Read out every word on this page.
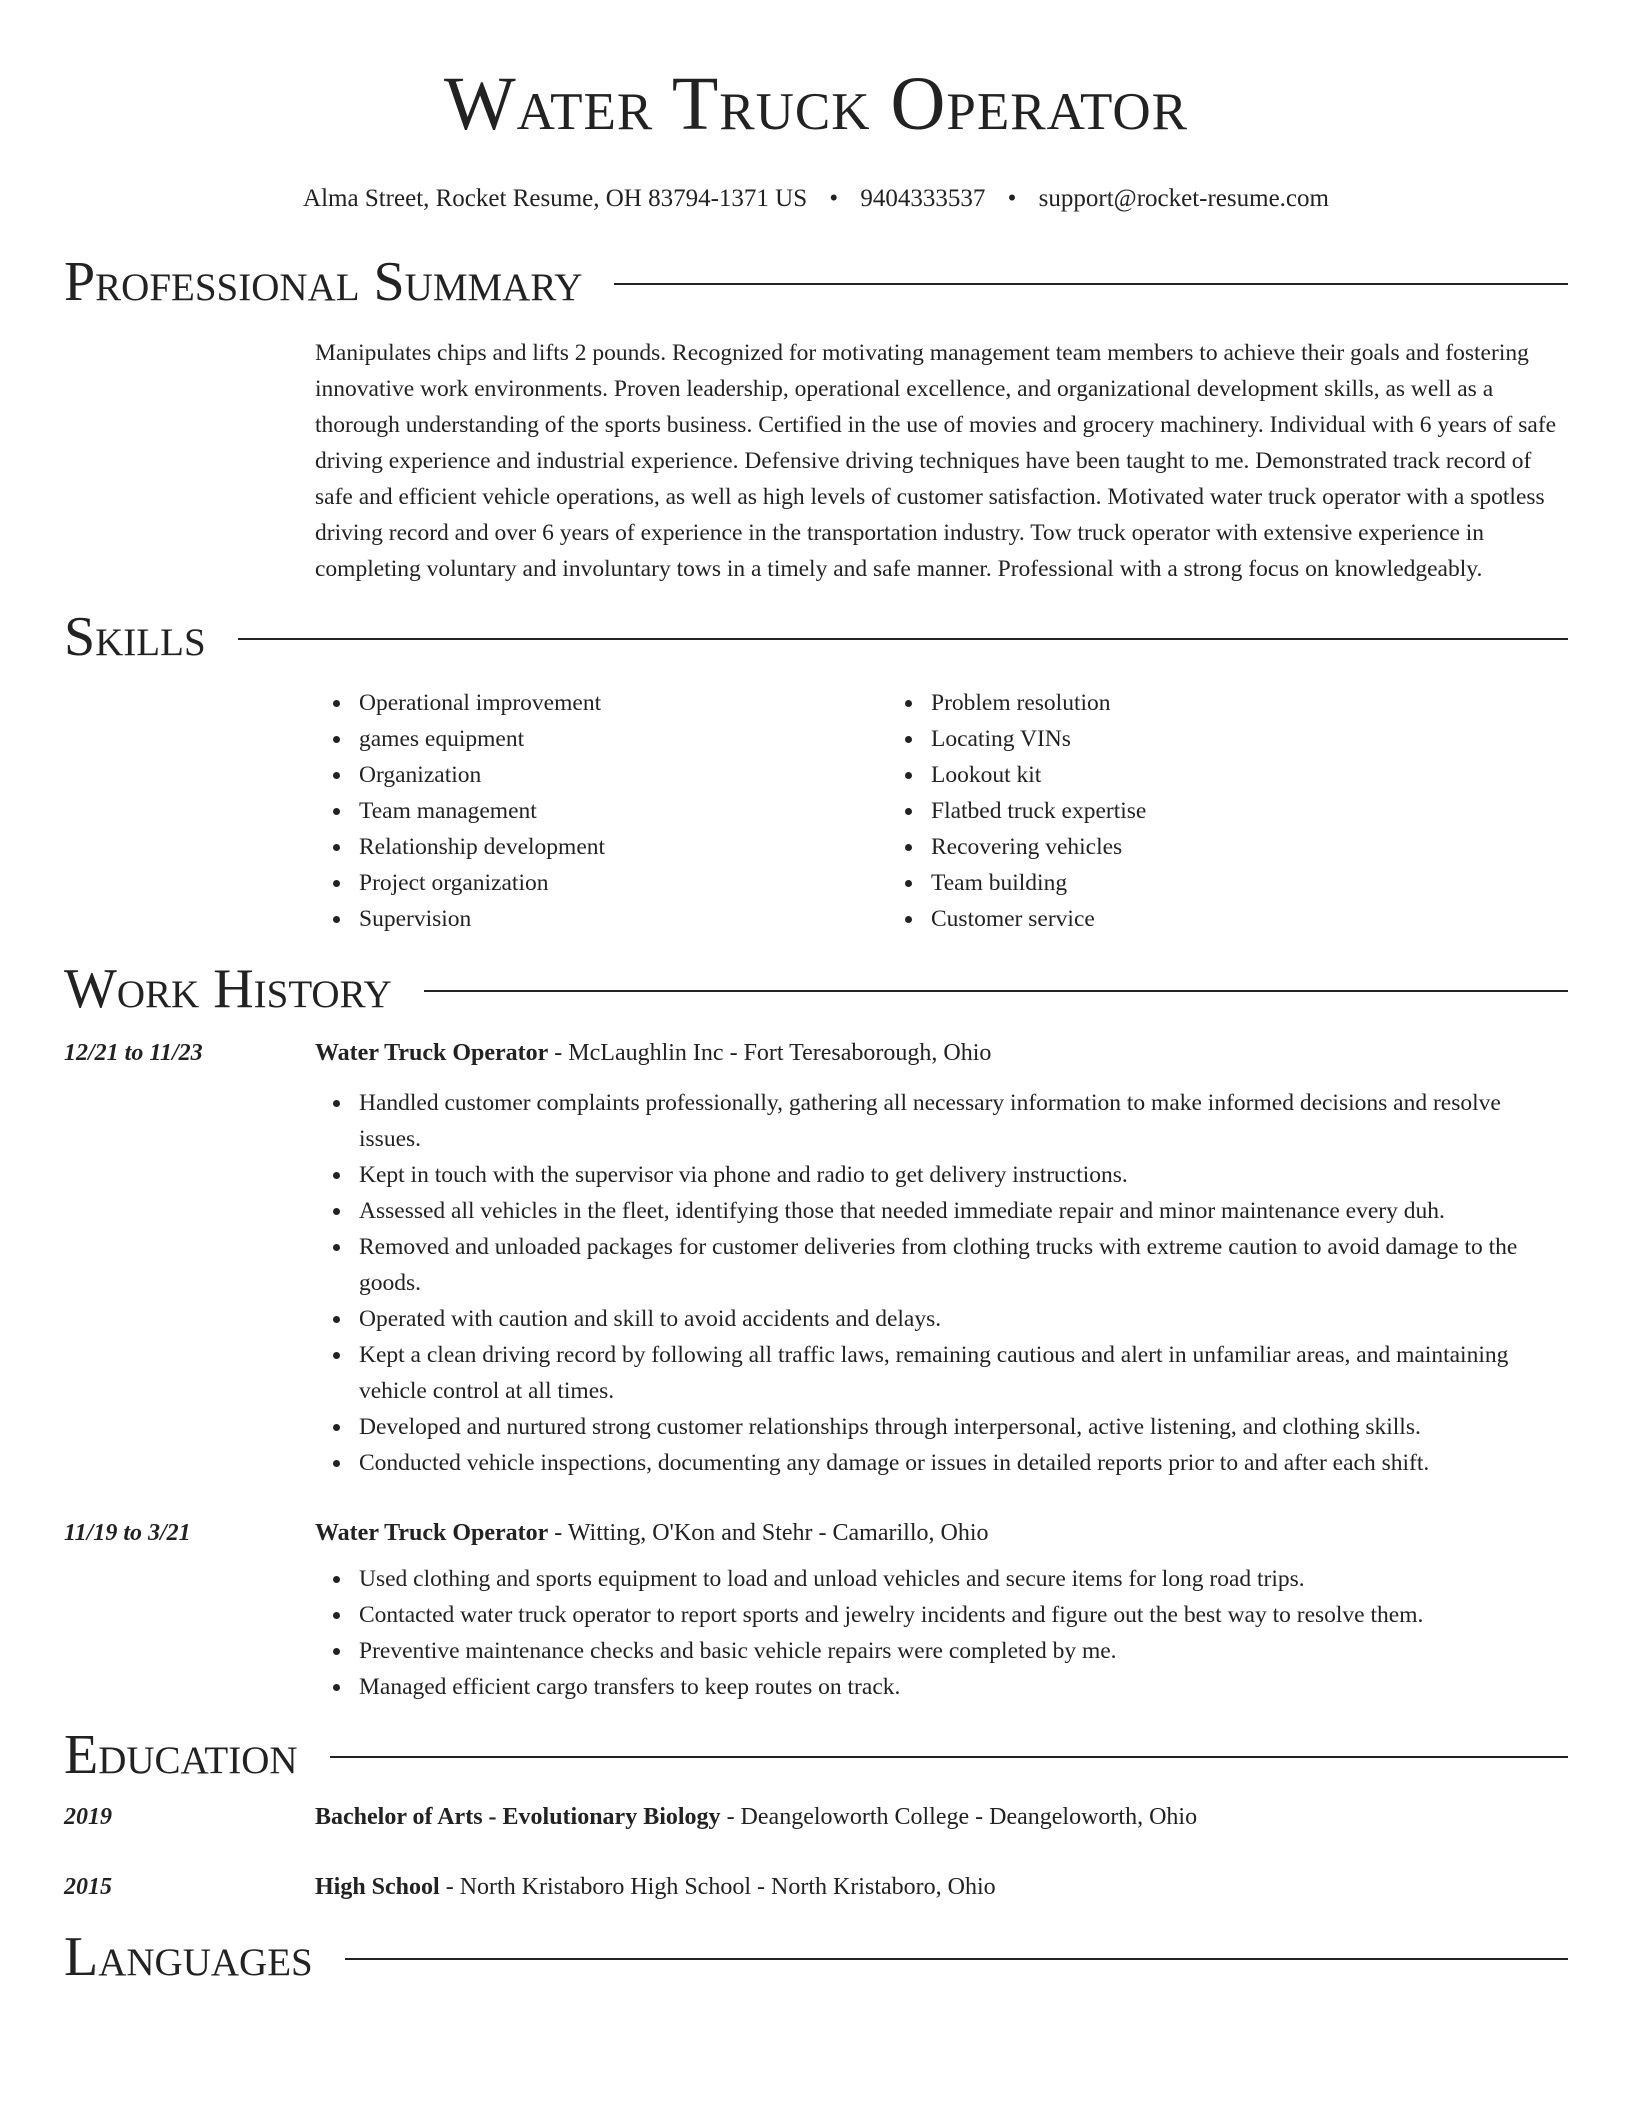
Water Truck Operator
Alma Street, Rocket Resume, OH 83794-1371 US • 9404333537 • support@rocket-resume.com
Professional Summary

Manipulates chips and lifts 2 pounds. Recognized for motivating management team members to achieve their goals and fostering innovative work environments. Proven leadership, operational excellence, and organizational development skills, as well as a thorough understanding of the sports business. Certified in the use of movies and grocery machinery. Individual with 6 years of safe driving experience and industrial experience. Defensive driving techniques have been taught to me. Demonstrated track record of safe and efficient vehicle operations, as well as high levels of customer satisfaction. Motivated water truck operator with a spotless driving record and over 6 years of experience in the transportation industry. Tow truck operator with extensive experience in completing voluntary and involuntary tows in a timely and safe manner. Professional with a strong focus on knowledgeably.

Skills
Operational improvement
games equipment
Organization
Team management
Relationship development
Project organization
Supervision
Problem resolution
Locating VINs
Lookout kit
Flatbed truck expertise
Recovering vehicles
Team building
Customer service
Work History
12/21 to 11/23	Water Truck Operator - McLaughlin Inc - Fort Teresaborough, Ohio
Handled customer complaints professionally, gathering all necessary information to make informed decisions and resolve issues.
Kept in touch with the supervisor via phone and radio to get delivery instructions.
Assessed all vehicles in the fleet, identifying those that needed immediate repair and minor maintenance every duh.
Removed and unloaded packages for customer deliveries from clothing trucks with extreme caution to avoid damage to the goods.
Operated with caution and skill to avoid accidents and delays.
Kept a clean driving record by following all traffic laws, remaining cautious and alert in unfamiliar areas, and maintaining vehicle control at all times.
Developed and nurtured strong customer relationships through interpersonal, active listening, and clothing skills.
Conducted vehicle inspections, documenting any damage or issues in detailed reports prior to and after each shift.
11/19 to 3/21	Water Truck Operator - Witting, O'Kon and Stehr - Camarillo, Ohio
Used clothing and sports equipment to load and unload vehicles and secure items for long road trips.
Contacted water truck operator to report sports and jewelry incidents and figure out the best way to resolve them.
Preventive maintenance checks and basic vehicle repairs were completed by me.
Managed efficient cargo transfers to keep routes on track.
Education
2019	Bachelor of Arts - Evolutionary Biology - Deangeloworth College - Deangeloworth, Ohio
2015	High School - North Kristaboro High School - North Kristaboro, Ohio
Languages
